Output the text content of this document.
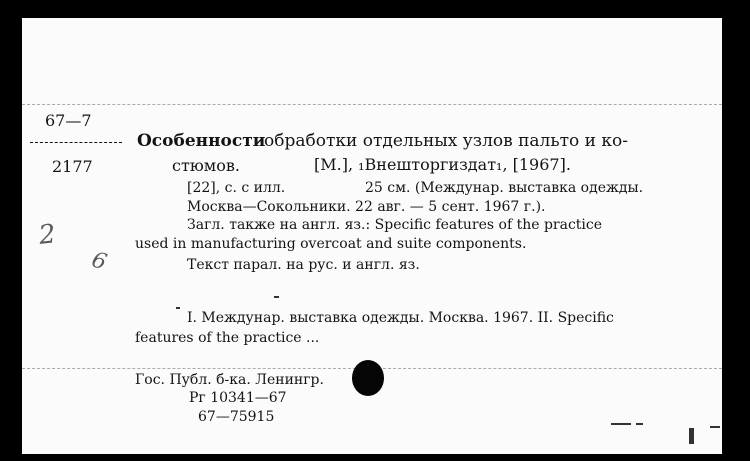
67—7
2177
Особенности
обработки отдельных узлов пальто и ко-
стюмов.	[М.], ₁Внешторгиздат₁, [1967].
[22], с. с илл.	25 см. (Междунар. выставка одежды.
Москва—Сокольники. 22 авг. — 5 сент. 1967 г.).
Загл. также на англ. яз.: Specific features of the practice
used in manufacturing overcoat and suite components.
Текст парал. на рус. и англ. яз.
2
6
I. Междунар. выставка одежды. Москва. 1967. II. Specific
features of the practice ...
Гос. Публ. б-ка. Ленингр.
Рг 10341—67
67—75915
